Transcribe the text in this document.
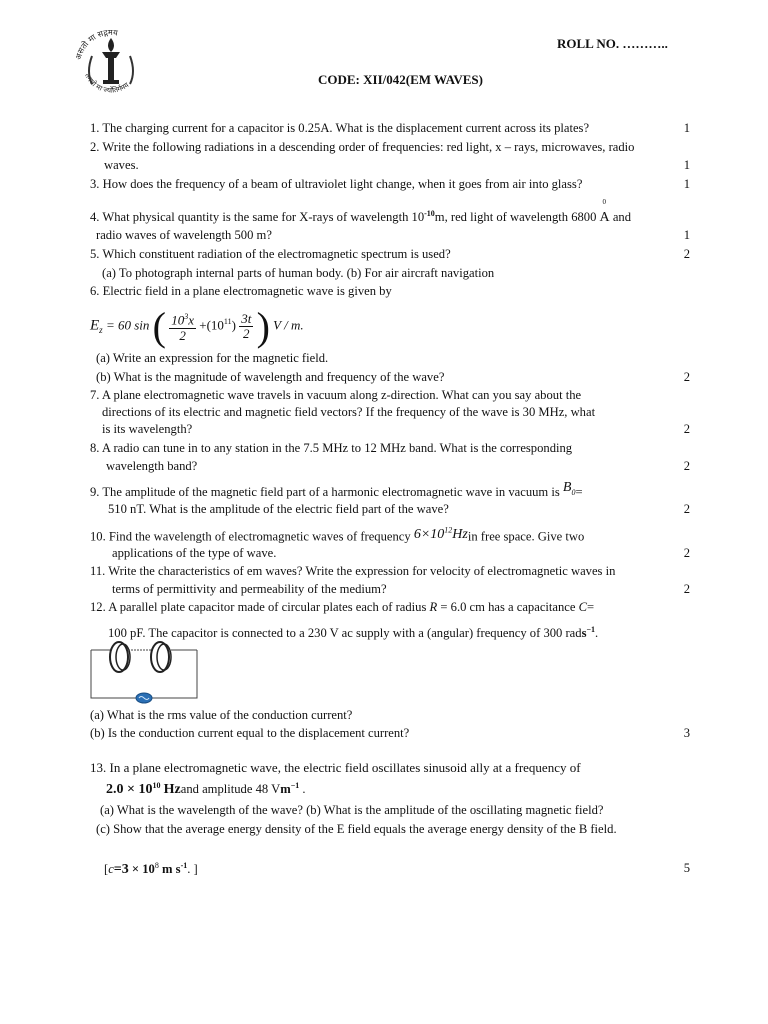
असतो मा सद्गमय
तमसो मा ज्योतिर्गमय
ROLL NO. ………..
CODE: XII/042(EM WAVES)
1. The charging current for a capacitor is 0.25A. What is the displacement current across its plates?	1
2. Write the following radiations in a descending order of frequencies: red light, x – rays, microwaves, radio
waves.	1
3. How does the frequency of a beam of ultraviolet light change, when it goes from air into glass?	1
4. What physical quantity is the same for X-rays of wavelength $10^{-10}m$, red light of wavelength 6800
0
A and
radio waves of wavelength 500 m?	1
5. Which constituent radiation of the electromagnetic spectrum is used?	2
(a) To photograph internal parts of human body. (b) For air aircraft navigation
6. Electric field in a plane electromagnetic wave is given by
$E_z = 60$ sin ( $\frac{10^3x}{2} +(10^{11}) \frac{3t}{2}$ ) V / m.
(a) Write an expression for the magnetic field.
(b) What is the magnitude of wavelength and frequency of the wave?	2
7. A plane electromagnetic wave travels in vacuum along z-direction. What can you say about the
directions of its electric and magnetic field vectors? If the frequency of the wave is 30 MHz, what
is its wavelength?	2
8. A radio can tune in to any station in the 7.5 MHz to 12 MHz band. What is the corresponding
wavelength band?	2
9. The amplitude of the magnetic field part of a harmonic electromagnetic wave in vacuum is $B_0=$
510 nT. What is the amplitude of the electric field part of the wave?	2
10. Find the wavelength of electromagnetic waves of frequency $6\times 10^{12}Hzin$ free space. Give two
applications of the type of wave.	2
11. Write the characteristics of em waves? Write the expression for velocity of electromagnetic waves in
terms of permittivity and permeability of the medium?	2
12. A parallel plate capacitor made of circular plates each of radius R = 6.0 cm has a capacitance C=
100 pF. The capacitor is connected to a 230 V ac supply with a (angular) frequency of 300 rads$^{-1}$.
(a) What is the rms value of the conduction current?
(b) Is the conduction current equal to the displacement current?	3
13. In a plane electromagnetic wave, the electric field oscillates sinusoid ally at a frequency of
$2.0 \times 10^{10}$ Hzand amplitude 48 $Vm^{-1}$ .
(a) What is the wavelength of the wave? (b) What is the amplitude of the oscillating magnetic field?
(c) Show that the average energy density of the E field equals the average energy density of the B field.
[$c=3 \times 10^8$ m $s^{-1}$. ]	5
